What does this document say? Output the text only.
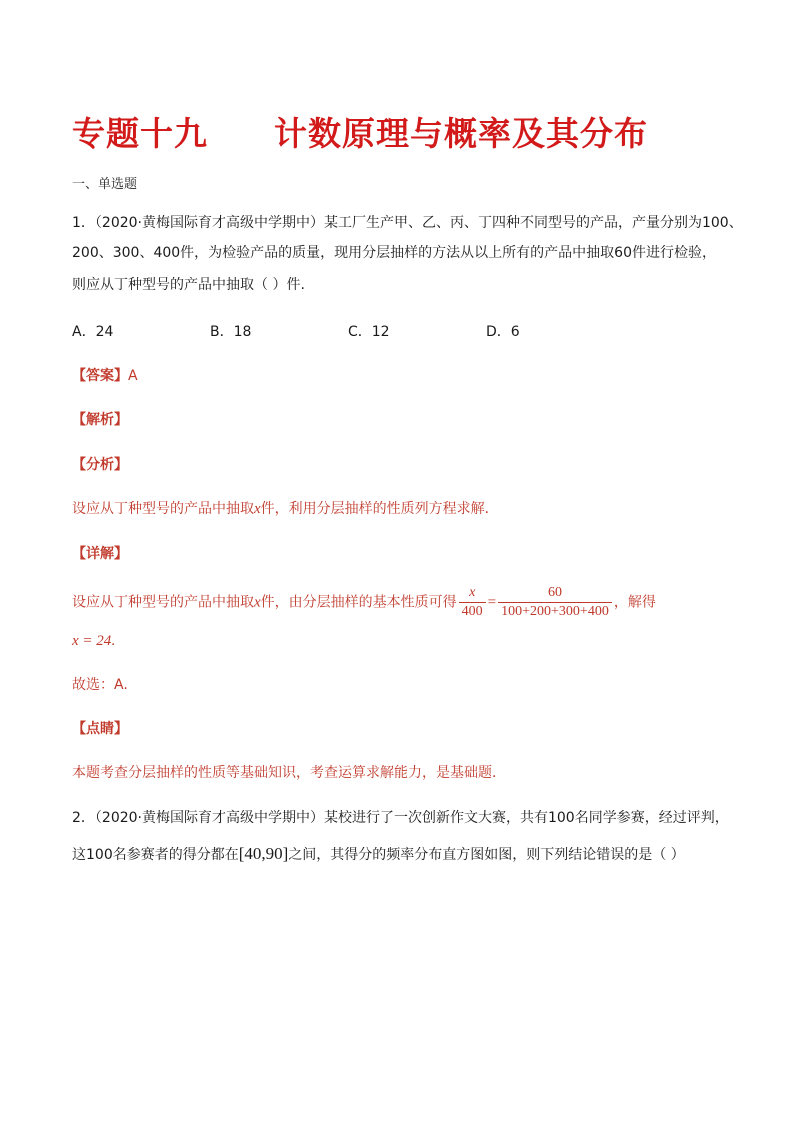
专题十九 计数原理与概率及其分布
一、单选题
1．（2020·黄梅国际育才高级中学期中）某工厂生产甲、乙、丙、丁四种不同型号的产品，产量分别为100、
200、300、400件，为检验产品的质量，现用分层抽样的方法从以上所有的产品中抽取60件进行检验，
则应从丁种型号的产品中抽取（ ）件.
A．24	B．18	C．12	D．6
【答案】A
【解析】
【分析】
设应从丁种型号的产品中抽取x件，利用分层抽样的性质列方程求解．
【详解】
设应从丁种型号的产品中抽取x件，由分层抽样的基本性质可得 $\frac{x}{400} = \frac{60}{100+200+300+400}$ ，解得
x = 24.
故选：A.
【点睛】
本题考查分层抽样的性质等基础知识，考查运算求解能力，是基础题．
2．（2020·黄梅国际育才高级中学期中）某校进行了一次创新作文大赛，共有100名同学参赛，经过评判，
这100名参赛者的得分都在[40,90]之间，其得分的频率分布直方图如图，则下列结论错误的是（ ）
